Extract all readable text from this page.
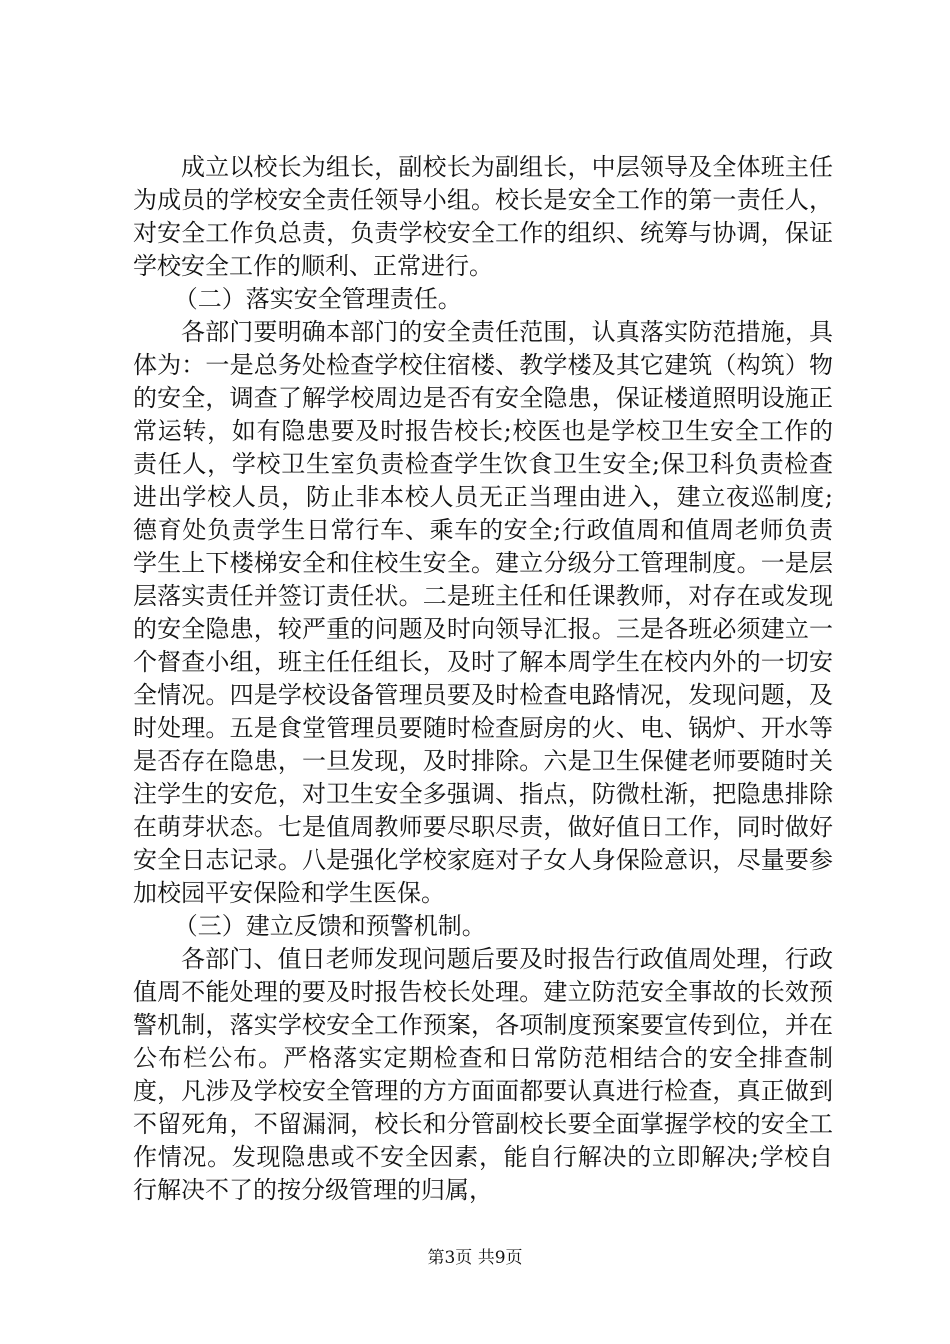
成立以校长为组长，副校长为副组长，中层领导及全体班主任为成员的学校安全责任领导小组。校长是安全工作的第一责任人，对安全工作负总责，负责学校安全工作的组织、统筹与协调，保证学校安全工作的顺利、正常进行。

（二）落实安全管理责任。

各部门要明确本部门的安全责任范围，认真落实防范措施，具体为：一是总务处检查学校住宿楼、教学楼及其它建筑（构筑）物的安全，调查了解学校周边是否有安全隐患，保证楼道照明设施正常运转，如有隐患要及时报告校长;校医也是学校卫生安全工作的责任人，学校卫生室负责检查学生饮食卫生安全;保卫科负责检查进出学校人员，防止非本校人员无正当理由进入，建立夜巡制度;德育处负责学生日常行车、乘车的安全;行政值周和值周老师负责学生上下楼梯安全和住校生安全。建立分级分工管理制度。一是层层落实责任并签订责任状。二是班主任和任课教师，对存在或发现的安全隐患，较严重的问题及时向领导汇报。三是各班必须建立一个督查小组，班主任任组长，及时了解本周学生在校内外的一切安全情况。四是学校设备管理员要及时检查电路情况，发现问题，及时处理。五是食堂管理员要随时检查厨房的火、电、锅炉、开水等是否存在隐患，一旦发现，及时排除。六是卫生保健老师要随时关注学生的安危，对卫生安全多强调、指点，防微杜渐，把隐患排除在萌芽状态。七是值周教师要尽职尽责，做好值日工作，同时做好安全日志记录。八是强化学校家庭对子女人身保险意识，尽量要参加校园平安保险和学生医保。

（三）建立反馈和预警机制。

各部门、值日老师发现问题后要及时报告行政值周处理，行政值周不能处理的要及时报告校长处理。建立防范安全事故的长效预警机制，落实学校安全工作预案，各项制度预案要宣传到位，并在公布栏公布。严格落实定期检查和日常防范相结合的安全排查制度，凡涉及学校安全管理的方方面面都要认真进行检查，真正做到不留死角，不留漏洞，校长和分管副校长要全面掌握学校的安全工作情况。发现隐患或不安全因素，能自行解决的立即解决;学校自行解决不了的按分级管理的归属，

第3页 共9页
